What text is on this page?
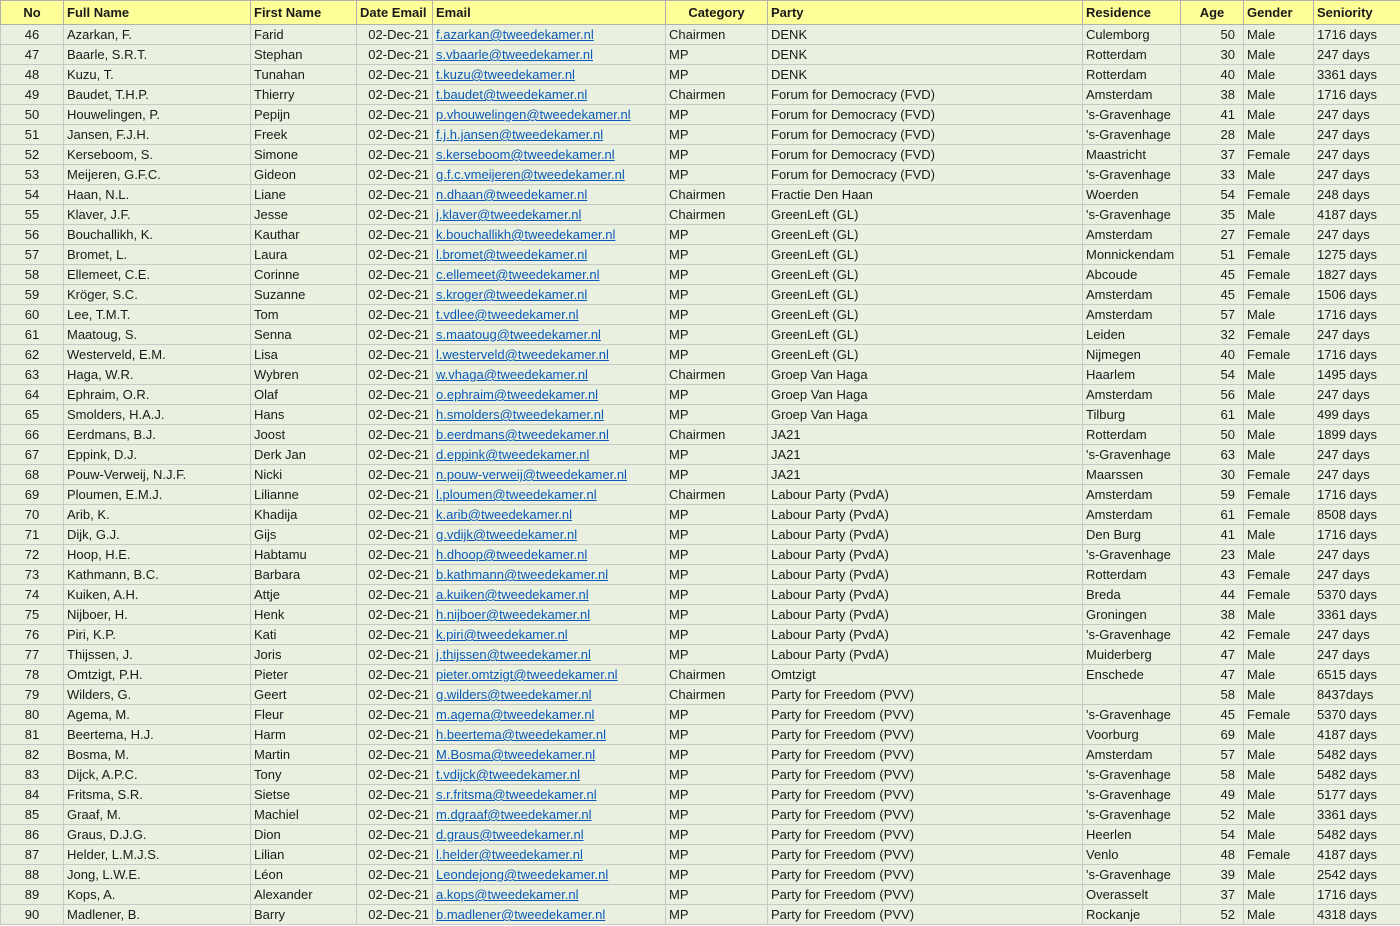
No	Full Name	First Name	Date Email	Email	Category	Party	Residence	Age	Gender	Seniority
46	Azarkan, F.	Farid	02-Dec-21	f.azarkan@tweedekamer.nl	Chairmen	DENK	Culemborg	50	Male	1716 days
47	Baarle, S.R.T.	Stephan	02-Dec-21	s.vbaarle@tweedekamer.nl	MP	DENK	Rotterdam	30	Male	247 days
48	Kuzu, T.	Tunahan	02-Dec-21	t.kuzu@tweedekamer.nl	MP	DENK	Rotterdam	40	Male	3361 days
49	Baudet, T.H.P.	Thierry	02-Dec-21	t.baudet@tweedekamer.nl	Chairmen	Forum for Democracy (FVD)	Amsterdam	38	Male	1716 days
50	Houwelingen, P.	Pepijn	02-Dec-21	p.vhouwelingen@tweedekamer.nl	MP	Forum for Democracy (FVD)	's-Gravenhage	41	Male	247 days
51	Jansen, F.J.H.	Freek	02-Dec-21	f.j.h.jansen@tweedekamer.nl	MP	Forum for Democracy (FVD)	's-Gravenhage	28	Male	247 days
52	Kerseboom, S.	Simone	02-Dec-21	s.kerseboom@tweedekamer.nl	MP	Forum for Democracy (FVD)	Maastricht	37	Female	247 days
53	Meijeren, G.F.C.	Gideon	02-Dec-21	g.f.c.vmeijeren@tweedekamer.nl	MP	Forum for Democracy (FVD)	's-Gravenhage	33	Male	247 days
54	Haan, N.L.	Liane	02-Dec-21	n.dhaan@tweedekamer.nl	Chairmen	Fractie Den Haan	Woerden	54	Female	248 days
55	Klaver, J.F.	Jesse	02-Dec-21	j.klaver@tweedekamer.nl	Chairmen	GreenLeft (GL)	's-Gravenhage	35	Male	4187 days
56	Bouchallikh, K.	Kauthar	02-Dec-21	k.bouchallikh@tweedekamer.nl	MP	GreenLeft (GL)	Amsterdam	27	Female	247 days
57	Bromet, L.	Laura	02-Dec-21	l.bromet@tweedekamer.nl	MP	GreenLeft (GL)	Monnickendam	51	Female	1275 days
58	Ellemeet, C.E.	Corinne	02-Dec-21	c.ellemeet@tweedekamer.nl	MP	GreenLeft (GL)	Abcoude	45	Female	1827 days
59	Kröger, S.C.	Suzanne	02-Dec-21	s.kroger@tweedekamer.nl	MP	GreenLeft (GL)	Amsterdam	45	Female	1506 days
60	Lee, T.M.T.	Tom	02-Dec-21	t.vdlee@tweedekamer.nl	MP	GreenLeft (GL)	Amsterdam	57	Male	1716 days
61	Maatoug, S.	Senna	02-Dec-21	s.maatoug@tweedekamer.nl	MP	GreenLeft (GL)	Leiden	32	Female	247 days
62	Westerveld, E.M.	Lisa	02-Dec-21	l.westerveld@tweedekamer.nl	MP	GreenLeft (GL)	Nijmegen	40	Female	1716 days
63	Haga, W.R.	Wybren	02-Dec-21	w.vhaga@tweedekamer.nl	Chairmen	Groep Van Haga	Haarlem	54	Male	1495 days
64	Ephraim, O.R.	Olaf	02-Dec-21	o.ephraim@tweedekamer.nl	MP	Groep Van Haga	Amsterdam	56	Male	247 days
65	Smolders, H.A.J.	Hans	02-Dec-21	h.smolders@tweedekamer.nl	MP	Groep Van Haga	Tilburg	61	Male	499 days
66	Eerdmans, B.J.	Joost	02-Dec-21	b.eerdmans@tweedekamer.nl	Chairmen	JA21	Rotterdam	50	Male	1899 days
67	Eppink, D.J.	Derk Jan	02-Dec-21	d.eppink@tweedekamer.nl	MP	JA21	's-Gravenhage	63	Male	247 days
68	Pouw-Verweij, N.J.F.	Nicki	02-Dec-21	n.pouw-verweij@tweedekamer.nl	MP	JA21	Maarssen	30	Female	247 days
69	Ploumen, E.M.J.	Lilianne	02-Dec-21	l.ploumen@tweedekamer.nl	Chairmen	Labour Party (PvdA)	Amsterdam	59	Female	1716 days
70	Arib, K.	Khadija	02-Dec-21	k.arib@tweedekamer.nl	MP	Labour Party (PvdA)	Amsterdam	61	Female	8508 days
71	Dijk, G.J.	Gijs	02-Dec-21	g.vdijk@tweedekamer.nl	MP	Labour Party (PvdA)	Den Burg	41	Male	1716 days
72	Hoop, H.E.	Habtamu	02-Dec-21	h.dhoop@tweedekamer.nl	MP	Labour Party (PvdA)	's-Gravenhage	23	Male	247 days
73	Kathmann, B.C.	Barbara	02-Dec-21	b.kathmann@tweedekamer.nl	MP	Labour Party (PvdA)	Rotterdam	43	Female	247 days
74	Kuiken, A.H.	Attje	02-Dec-21	a.kuiken@tweedekamer.nl	MP	Labour Party (PvdA)	Breda	44	Female	5370 days
75	Nijboer, H.	Henk	02-Dec-21	h.nijboer@tweedekamer.nl	MP	Labour Party (PvdA)	Groningen	38	Male	3361 days
76	Piri, K.P.	Kati	02-Dec-21	k.piri@tweedekamer.nl	MP	Labour Party (PvdA)	's-Gravenhage	42	Female	247 days
77	Thijssen, J.	Joris	02-Dec-21	j.thijssen@tweedekamer.nl	MP	Labour Party (PvdA)	Muiderberg	47	Male	247 days
78	Omtzigt, P.H.	Pieter	02-Dec-21	pieter.omtzigt@tweedekamer.nl	Chairmen	Omtzigt	Enschede	47	Male	6515 days
79	Wilders, G.	Geert	02-Dec-21	g.wilders@tweedekamer.nl	Chairmen	Party for Freedom (PVV)		58	Male	8437days
80	Agema, M.	Fleur	02-Dec-21	m.agema@tweedekamer.nl	MP	Party for Freedom (PVV)	's-Gravenhage	45	Female	5370 days
81	Beertema, H.J.	Harm	02-Dec-21	h.beertema@tweedekamer.nl	MP	Party for Freedom (PVV)	Voorburg	69	Male	4187 days
82	Bosma, M.	Martin	02-Dec-21	M.Bosma@tweedekamer.nl	MP	Party for Freedom (PVV)	Amsterdam	57	Male	5482 days
83	Dijck, A.P.C.	Tony	02-Dec-21	t.vdijck@tweedekamer.nl	MP	Party for Freedom (PVV)	's-Gravenhage	58	Male	5482 days
84	Fritsma, S.R.	Sietse	02-Dec-21	s.r.fritsma@tweedekamer.nl	MP	Party for Freedom (PVV)	's-Gravenhage	49	Male	5177 days
85	Graaf, M.	Machiel	02-Dec-21	m.dgraaf@tweedekamer.nl	MP	Party for Freedom (PVV)	's-Gravenhage	52	Male	3361 days
86	Graus, D.J.G.	Dion	02-Dec-21	d.graus@tweedekamer.nl	MP	Party for Freedom (PVV)	Heerlen	54	Male	5482 days
87	Helder, L.M.J.S.	Lilian	02-Dec-21	l.helder@tweedekamer.nl	MP	Party for Freedom (PVV)	Venlo	48	Female	4187 days
88	Jong, L.W.E.	Léon	02-Dec-21	Leondejong@tweedekamer.nl	MP	Party for Freedom (PVV)	's-Gravenhage	39	Male	2542 days
89	Kops, A.	Alexander	02-Dec-21	a.kops@tweedekamer.nl	MP	Party for Freedom (PVV)	Overasselt	37	Male	1716 days
90	Madlener, B.	Barry	02-Dec-21	b.madlener@tweedekamer.nl	MP	Party for Freedom (PVV)	Rockanje	52	Male	4318 days
